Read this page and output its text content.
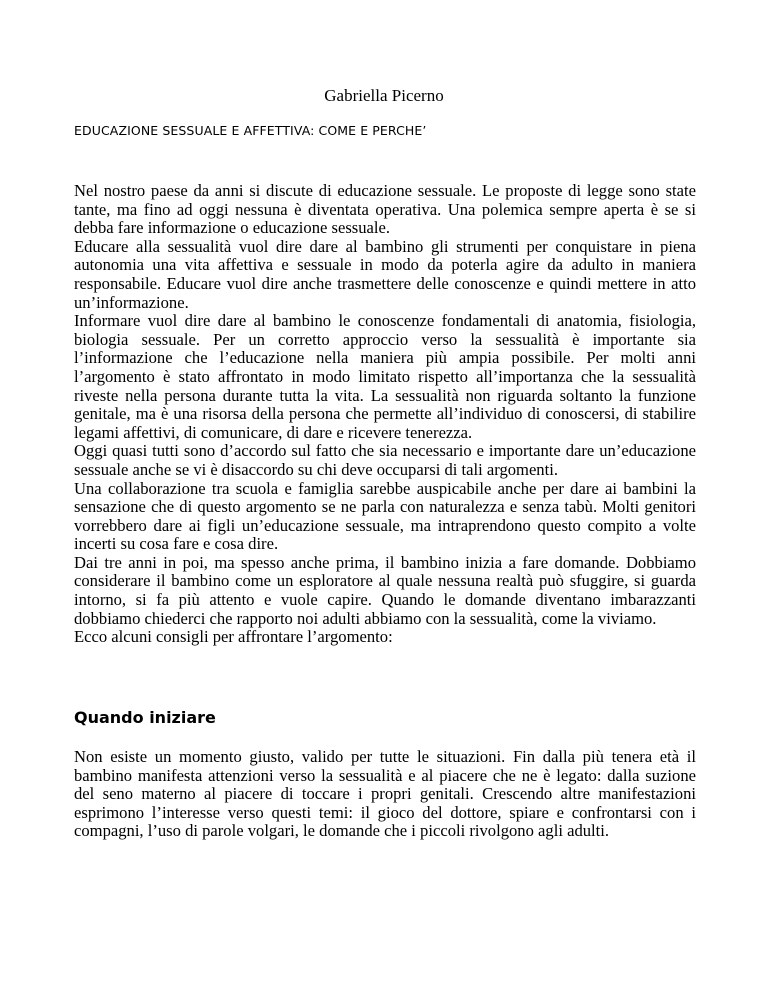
Gabriella Picerno
EDUCAZIONE SESSUALE E AFFETTIVA: COME E PERCHE’

Nel nostro paese da anni si discute di educazione sessuale. Le proposte di legge sono state tante, ma fino ad oggi nessuna è diventata operativa. Una polemica sempre aperta è se si debba fare informazione o educazione sessuale.

Educare alla sessualità vuol dire dare al bambino gli strumenti per conquistare in piena autonomia una vita affettiva e sessuale in modo da poterla agire da adulto in maniera responsabile. Educare vuol dire anche trasmettere delle conoscenze e quindi mettere in atto un’informazione.

Informare vuol dire dare al bambino le conoscenze fondamentali di anatomia, fisiologia, biologia sessuale. Per un corretto approccio verso la sessualità è importante sia l’informazione che l’educazione nella maniera più ampia possibile. Per molti anni l’argomento è stato affrontato in modo limitato rispetto all’importanza che la sessualità riveste nella persona durante tutta la vita. La sessualità non riguarda soltanto la funzione genitale, ma è una risorsa della persona che permette all’individuo di conoscersi, di stabilire legami affettivi, di comunicare, di dare e ricevere tenerezza.

Oggi quasi tutti sono d’accordo sul fatto che sia necessario e importante dare un’educazione sessuale anche se vi è disaccordo su chi deve occuparsi di tali argomenti.

Una collaborazione tra scuola e famiglia sarebbe auspicabile anche per dare ai bambini la sensazione che di questo argomento se ne parla con naturalezza e senza tabù. Molti genitori vorrebbero dare ai figli un’educazione sessuale, ma intraprendono questo compito a volte incerti su cosa fare e cosa dire.

Dai tre anni in poi, ma spesso anche prima, il bambino inizia a fare domande. Dobbiamo considerare il bambino come un esploratore al quale nessuna realtà può sfuggire, si guarda intorno, si fa più attento e vuole capire. Quando le domande diventano imbarazzanti dobbiamo chiederci che rapporto noi adulti abbiamo con la sessualità, come la viviamo.

Ecco alcuni consigli per affrontare l’argomento:

Quando iniziare

Non esiste un momento giusto, valido per tutte le situazioni. Fin dalla più tenera età il bambino manifesta attenzioni verso la sessualità e al piacere che ne è legato: dalla suzione del seno materno al piacere di toccare i propri genitali. Crescendo altre manifestazioni esprimono l’interesse verso questi temi: il gioco del dottore, spiare e confrontarsi con i compagni, l’uso di parole volgari, le domande che i piccoli rivolgono agli adulti.
